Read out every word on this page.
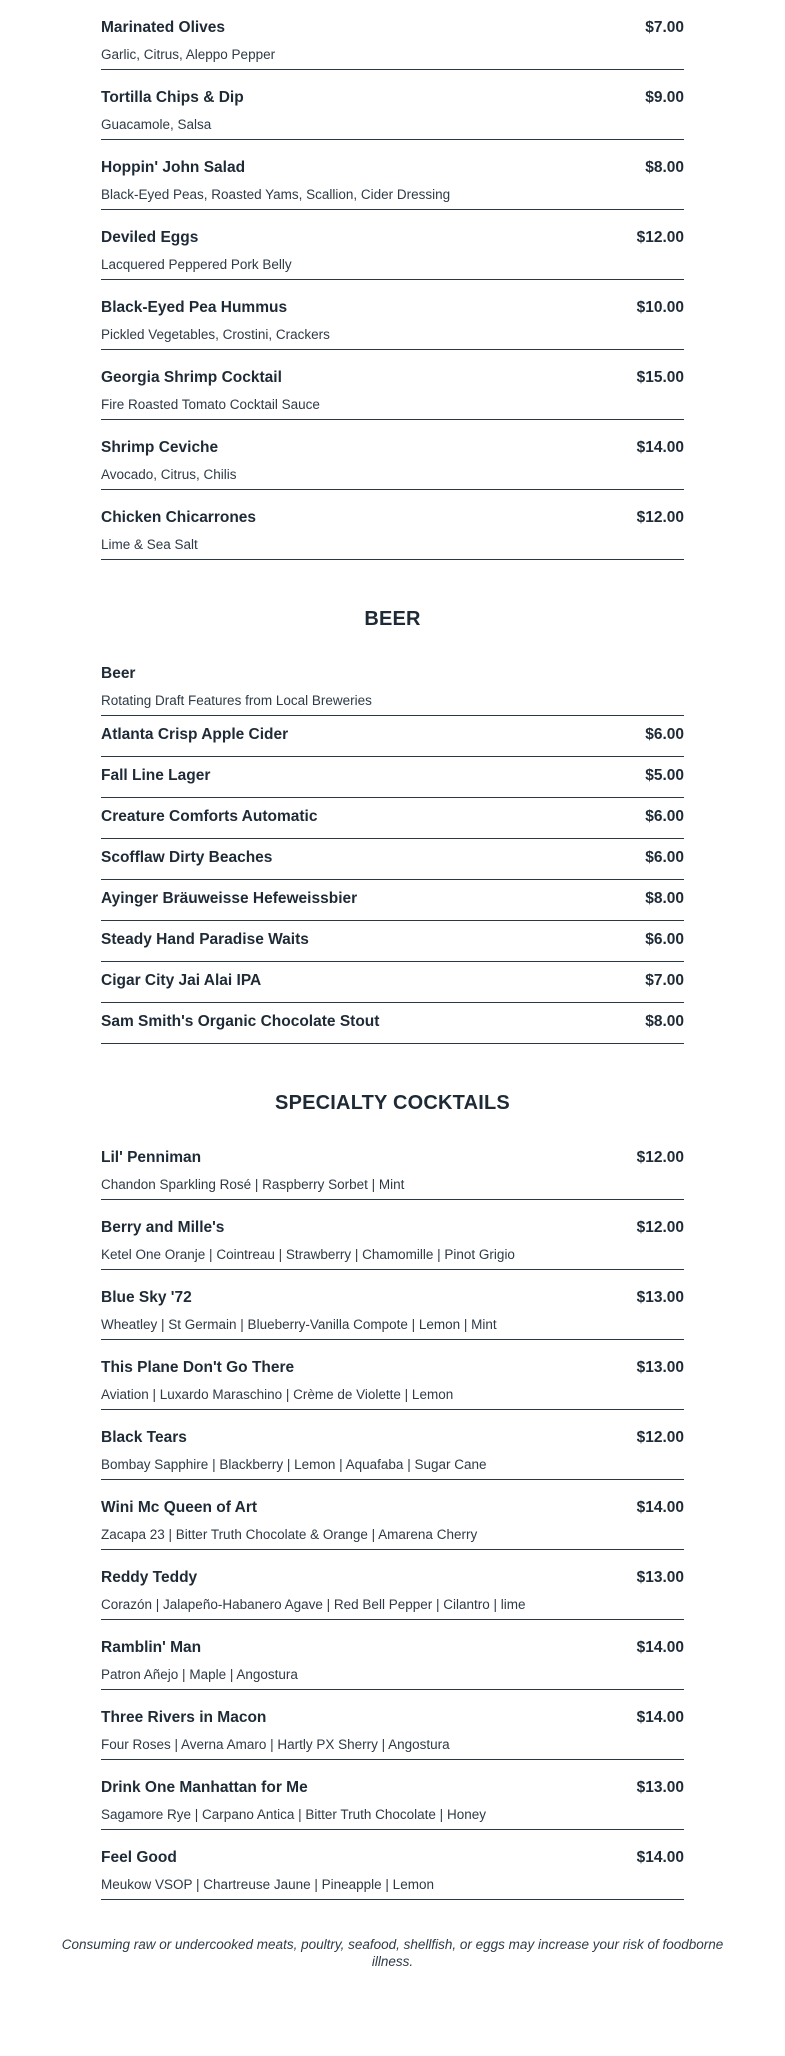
Marinated Olives	$7.00
Garlic, Citrus, Aleppo Pepper
Tortilla Chips & Dip	$9.00
Guacamole, Salsa
Hoppin' John Salad	$8.00
Black-Eyed Peas, Roasted Yams, Scallion, Cider Dressing
Deviled Eggs	$12.00
Lacquered Peppered Pork Belly
Black-Eyed Pea Hummus	$10.00
Pickled Vegetables, Crostini, Crackers
Georgia Shrimp Cocktail	$15.00
Fire Roasted Tomato Cocktail Sauce
Shrimp Ceviche	$14.00
Avocado, Citrus, Chilis
Chicken Chicarrones	$12.00
Lime & Sea Salt
BEER
Beer
Rotating Draft Features from Local Breweries
Atlanta Crisp Apple Cider	$6.00
Fall Line Lager	$5.00
Creature Comforts Automatic	$6.00
Scofflaw Dirty Beaches	$6.00
Ayinger Bräuweisse Hefeweissbier	$8.00
Steady Hand Paradise Waits	$6.00
Cigar City Jai Alai IPA	$7.00
Sam Smith's Organic Chocolate Stout	$8.00
SPECIALTY COCKTAILS
Lil' Penniman	$12.00
Chandon Sparkling Rosé | Raspberry Sorbet | Mint
Berry and Mille's	$12.00
Ketel One Oranje | Cointreau | Strawberry | Chamomille | Pinot Grigio
Blue Sky '72	$13.00
Wheatley | St Germain | Blueberry-Vanilla Compote | Lemon | Mint
This Plane Don't Go There	$13.00
Aviation | Luxardo Maraschino | Crème de Violette | Lemon
Black Tears	$12.00
Bombay Sapphire | Blackberry | Lemon | Aquafaba | Sugar Cane
Wini Mc Queen of Art	$14.00
Zacapa 23 | Bitter Truth Chocolate & Orange | Amarena Cherry
Reddy Teddy	$13.00
Corazón | Jalapeño-Habanero Agave | Red Bell Pepper | Cilantro | lime
Ramblin' Man	$14.00
Patron Añejo | Maple | Angostura
Three Rivers in Macon	$14.00
Four Roses | Averna Amaro | Hartly PX Sherry | Angostura
Drink One Manhattan for Me	$13.00
Sagamore Rye | Carpano Antica | Bitter Truth Chocolate | Honey
Feel Good	$14.00
Meukow VSOP | Chartreuse Jaune | Pineapple | Lemon
Consuming raw or undercooked meats, poultry, seafood, shellfish, or eggs may increase your risk of foodborne illness.
